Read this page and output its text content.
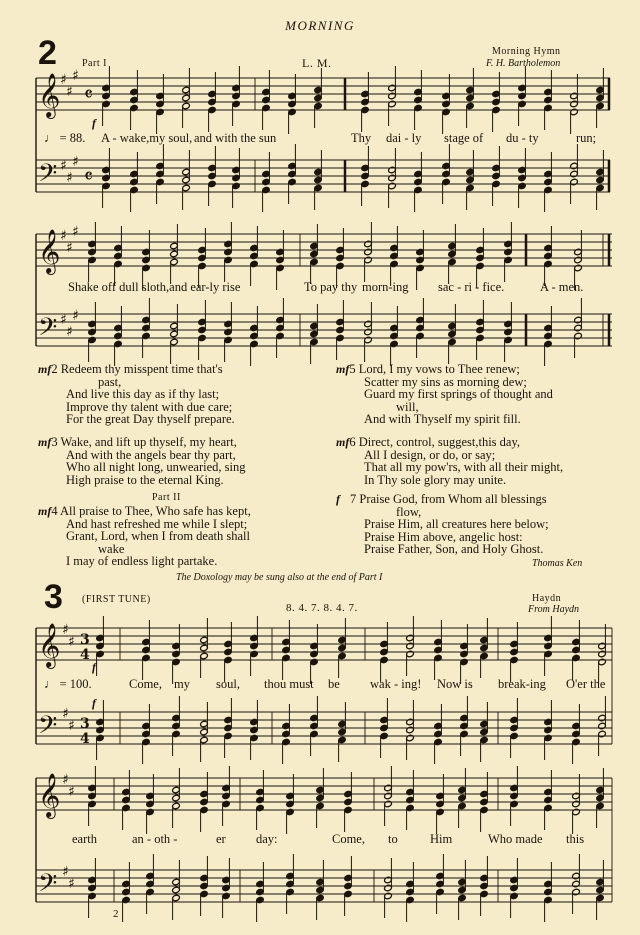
MORNING
2	Part I	L. M.
Morning Hymn
F. H. Bartholemon
𝄞
𝄢
𝄞
𝄢
𝄞
𝄢
𝄞
𝄢
♯
♯
♯
♯
♯
♯
♯
♯
♯
♯
♯
♯
♯
♯
♯
♯
♯
♯
♯
♯
𝄴
𝄴
3
4
3
4
f
♩ = 88. A - wake,my soul, and with the sun	Thy dai - ly stage of du - ty	run;
Shake off dull sloth,and ear-ly rise	To pay thy morn-ing sac - ri - fice.	A - men.
mf2 Redeem thy misspent time that's

past,
And live this day as if thy last;
Improve thy talent with due care;
For the great Day thyself prepare.
mf3 Wake, and lift up thyself, my heart,

And with the angels bear thy part,
Who all night long, unwearied, sing
High praise to the eternal King.
Part II
mf4 All praise to Thee, Who safe has kept,

And hast refreshed me while I slept;
Grant, Lord, when I from death shall
wake
I may of endless light partake.
mf5 Lord, I my vows to Thee renew;

Scatter my sins as morning dew;
Guard my first springs of thought and
will,
And with Thyself my spirit fill.
mf6 Direct, control, suggest,this day,

All I design, or do, or say;
That all my pow'rs, with all their might,
In Thy sole glory may unite.
f 7 Praise God, from Whom all blessings

flow,
Praise Him, all creatures here below;
Praise Him above, angelic host:
Praise Father, Son, and Holy Ghost.
Thomas Ken
The Doxology may be sung also at the end of Part I
3 (FIRST TUNE)
8. 4. 7. 8. 4. 7.
Haydn
From Haydn
f
f
♩ = 100.	Come, my soul, thou must be wak - ing! Now is break-ing O'er the
earth	an - oth -	er day:	Come, to	Him	Who made this
2
